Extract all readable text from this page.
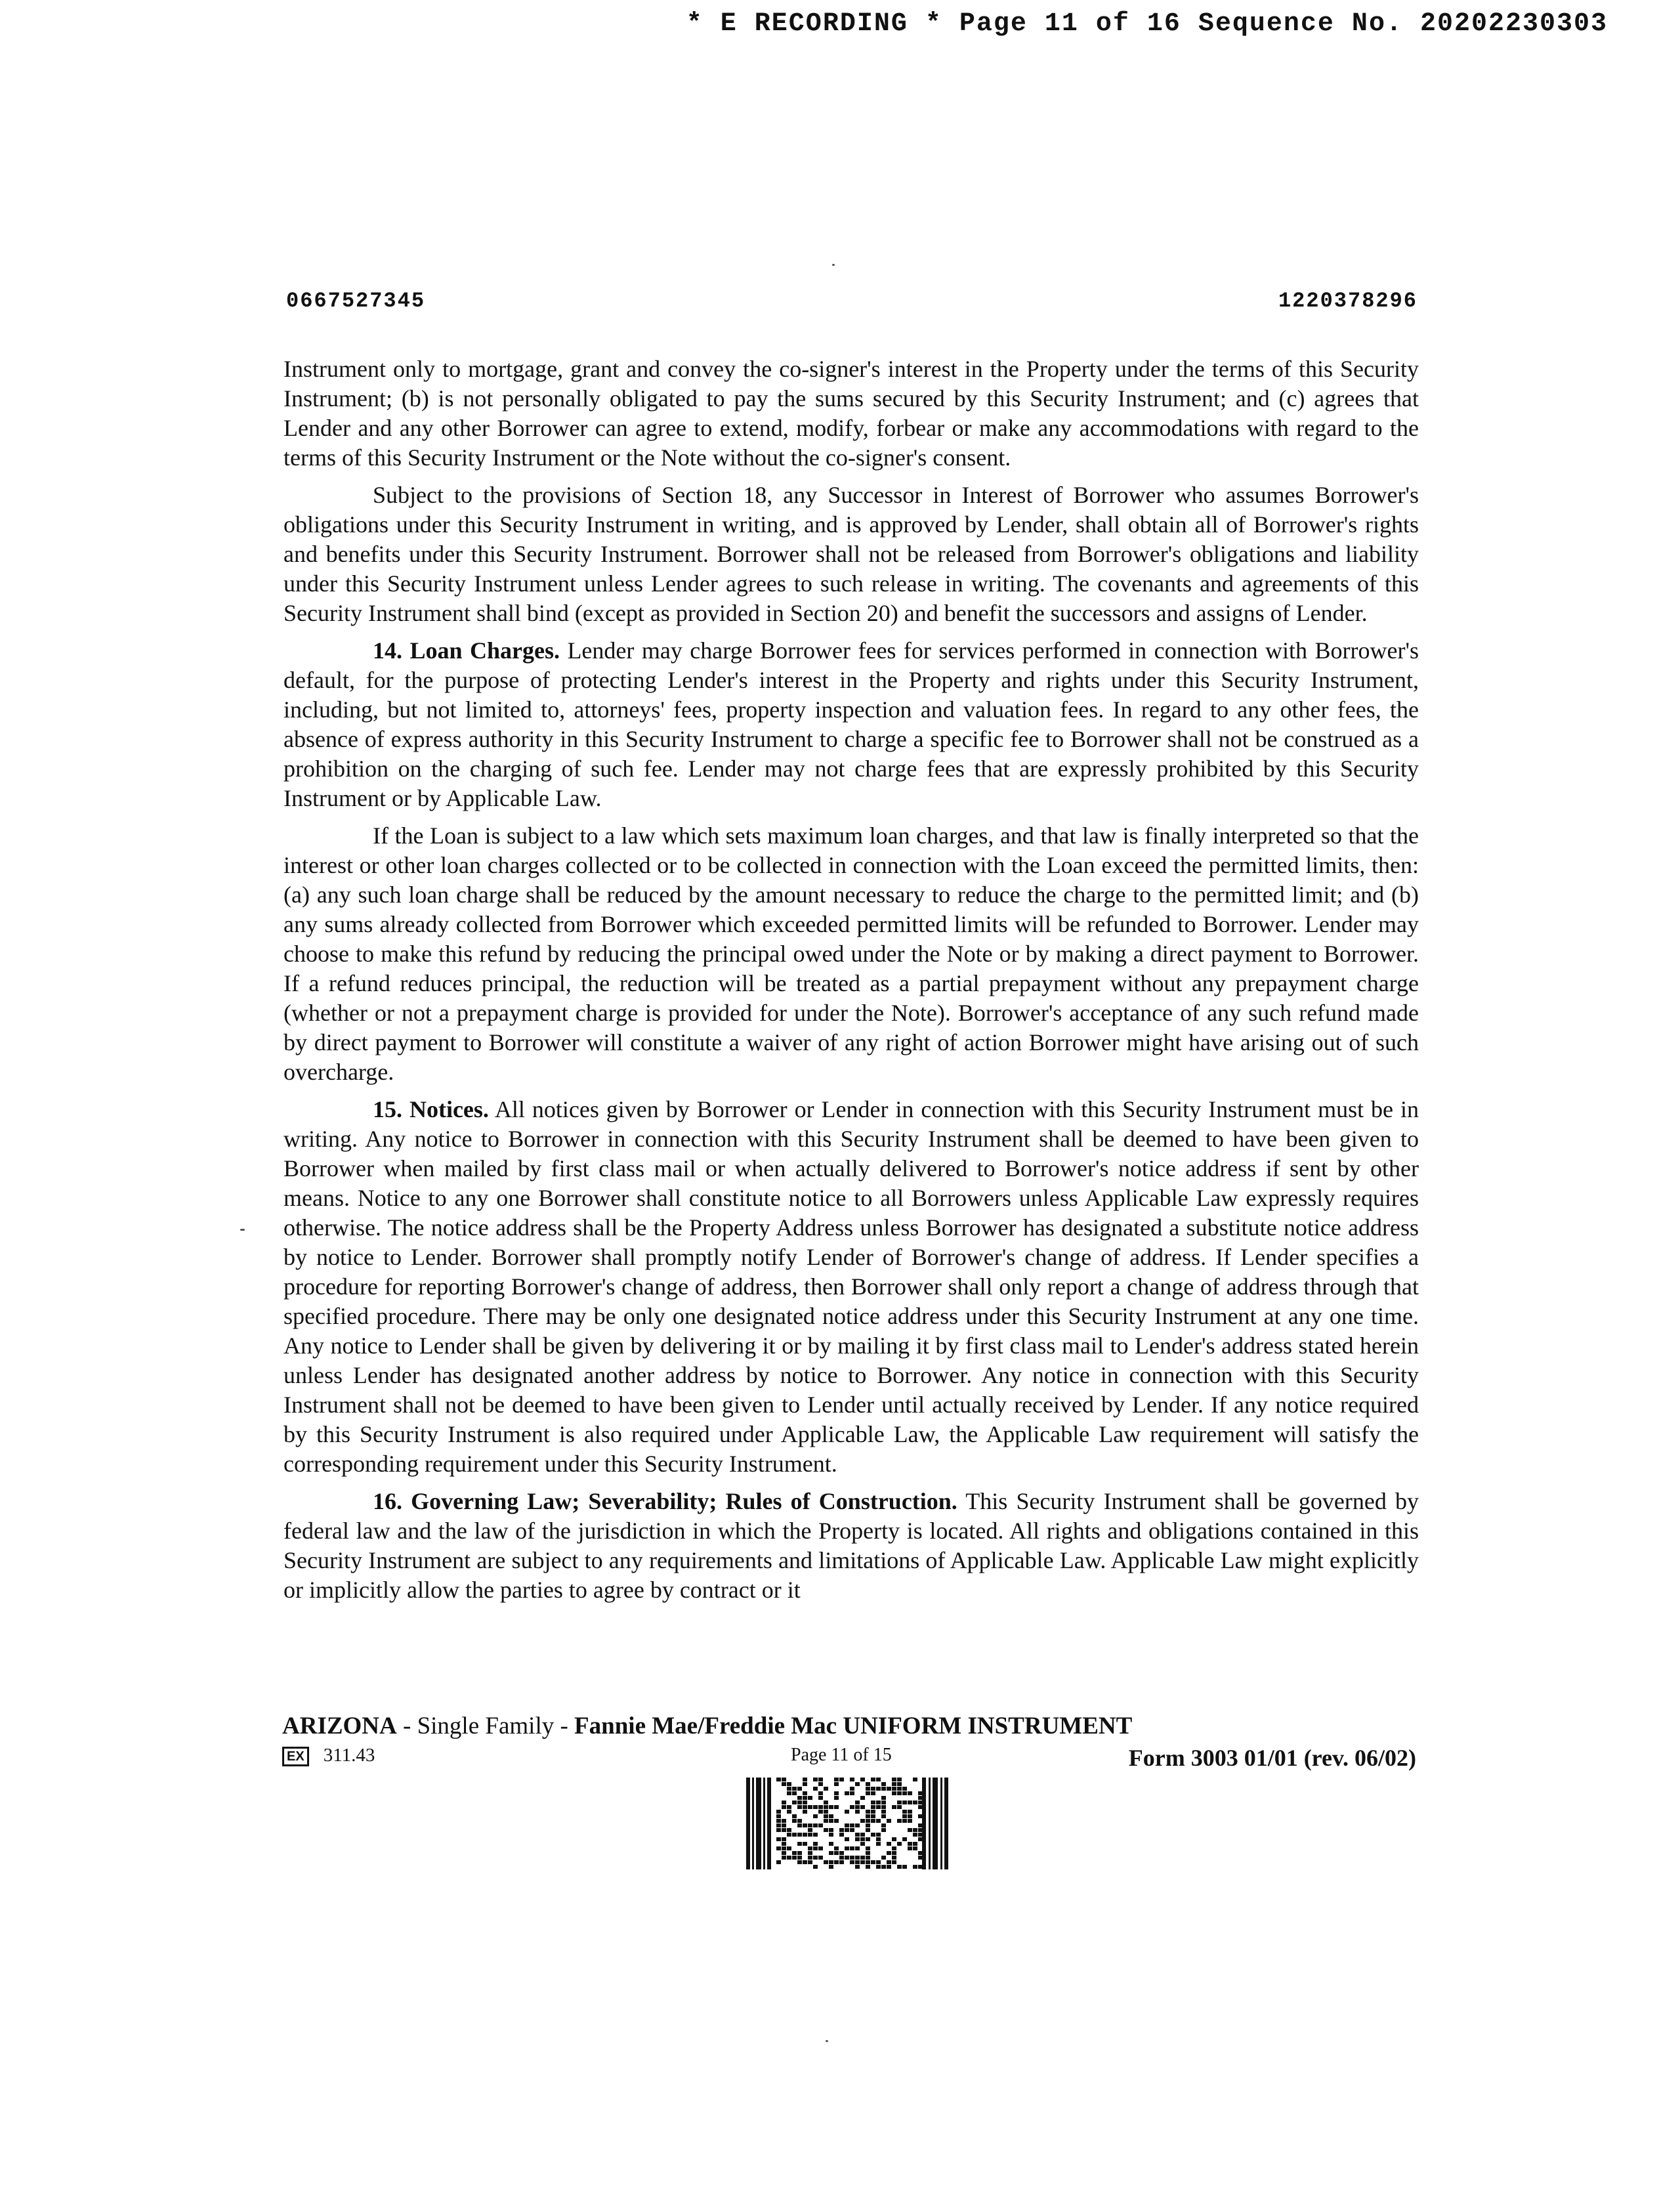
* E RECORDING * Page 11 of 16 Sequence No. 20202230303
0667527345	1220378296

Instrument only to mortgage, grant and convey the co-signer's interest in the Property under the terms of this Security Instrument; (b) is not personally obligated to pay the sums secured by this Security Instrument; and (c) agrees that Lender and any other Borrower can agree to extend, modify, forbear or make any accommodations with regard to the terms of this Security Instrument or the Note without the co-signer's consent.

Subject to the provisions of Section 18, any Successor in Interest of Borrower who assumes Borrower's obligations under this Security Instrument in writing, and is approved by Lender, shall obtain all of Borrower's rights and benefits under this Security Instrument. Borrower shall not be released from Borrower's obligations and liability under this Security Instrument unless Lender agrees to such release in writing. The covenants and agreements of this Security Instrument shall bind (except as provided in Section 20) and benefit the successors and assigns of Lender.

14. Loan Charges. Lender may charge Borrower fees for services performed in connection with Borrower's default, for the purpose of protecting Lender's interest in the Property and rights under this Security Instrument, including, but not limited to, attorneys' fees, property inspection and valuation fees. In regard to any other fees, the absence of express authority in this Security Instrument to charge a specific fee to Borrower shall not be construed as a prohibition on the charging of such fee. Lender may not charge fees that are expressly prohibited by this Security Instrument or by Applicable Law.

If the Loan is subject to a law which sets maximum loan charges, and that law is finally interpreted so that the interest or other loan charges collected or to be collected in connection with the Loan exceed the permitted limits, then: (a) any such loan charge shall be reduced by the amount necessary to reduce the charge to the permitted limit; and (b) any sums already collected from Borrower which exceeded permitted limits will be refunded to Borrower. Lender may choose to make this refund by reducing the principal owed under the Note or by making a direct payment to Borrower. If a refund reduces principal, the reduction will be treated as a partial prepayment without any prepayment charge (whether or not a prepayment charge is provided for under the Note). Borrower's acceptance of any such refund made by direct payment to Borrower will constitute a waiver of any right of action Borrower might have arising out of such overcharge.

15. Notices. All notices given by Borrower or Lender in connection with this Security Instrument must be in writing. Any notice to Borrower in connection with this Security Instrument shall be deemed to have been given to Borrower when mailed by first class mail or when actually delivered to Borrower's notice address if sent by other means. Notice to any one Borrower shall constitute notice to all Borrowers unless Applicable Law expressly requires otherwise. The notice address shall be the Property Address unless Borrower has designated a substitute notice address by notice to Lender. Borrower shall promptly notify Lender of Borrower's change of address. If Lender specifies a procedure for reporting Borrower's change of address, then Borrower shall only report a change of address through that specified procedure. There may be only one designated notice address under this Security Instrument at any one time. Any notice to Lender shall be given by delivering it or by mailing it by first class mail to Lender's address stated herein unless Lender has designated another address by notice to Borrower. Any notice in connection with this Security Instrument shall not be deemed to have been given to Lender until actually received by Lender. If any notice required by this Security Instrument is also required under Applicable Law, the Applicable Law requirement will satisfy the corresponding requirement under this Security Instrument.

16. Governing Law; Severability; Rules of Construction. This Security Instrument shall be governed by federal law and the law of the jurisdiction in which the Property is located. All rights and obligations contained in this Security Instrument are subject to any requirements and limitations of Applicable Law. Applicable Law might explicitly or implicitly allow the parties to agree by contract or it

ARIZONA - Single Family - Fannie Mae/Freddie Mac UNIFORM INSTRUMENT
EX 311.43	Page 11 of 15	Form 3003 01/01 (rev. 06/02)
